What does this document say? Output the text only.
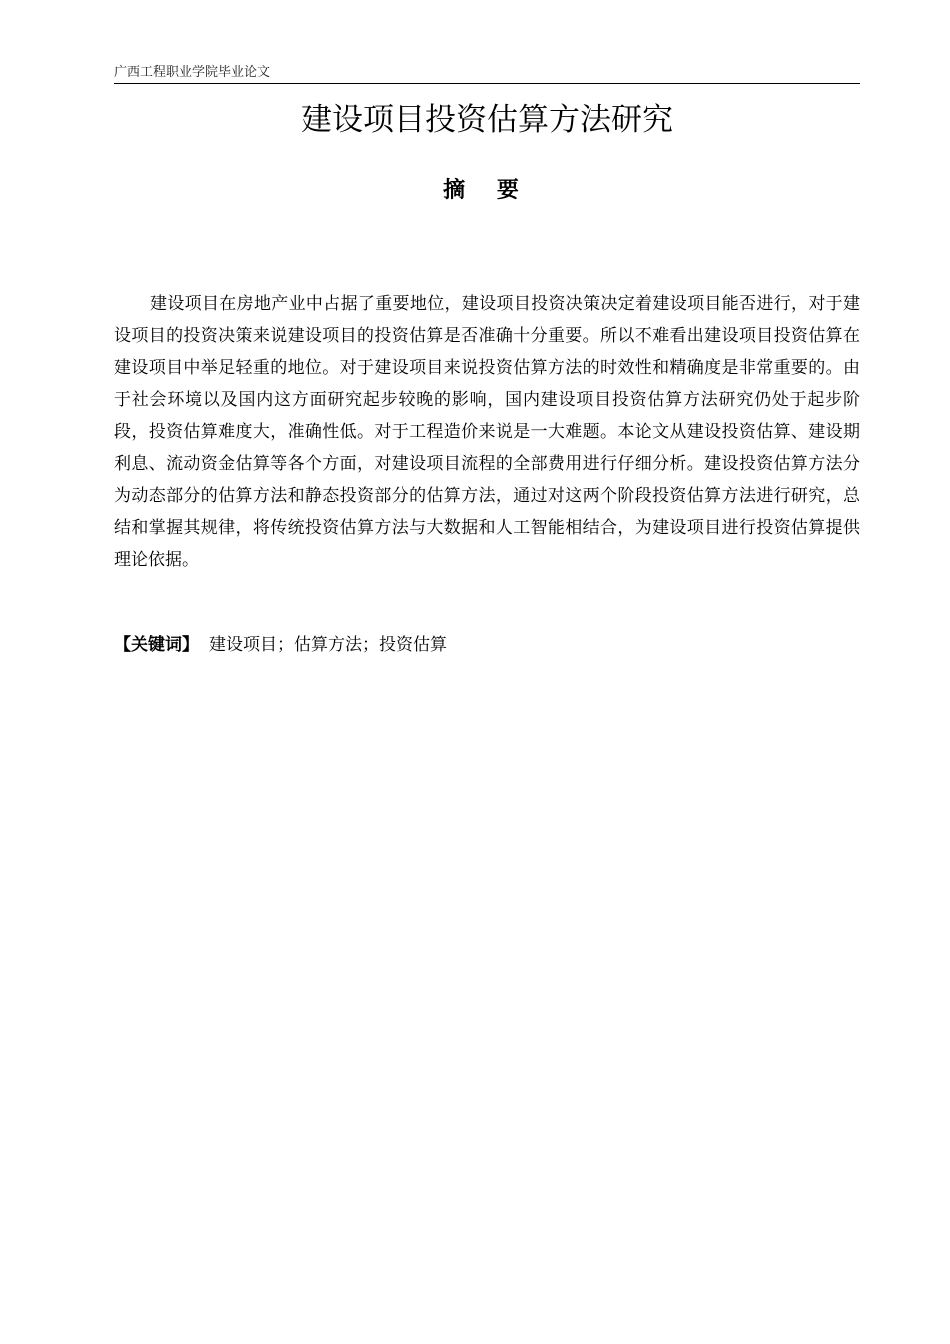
广西工程职业学院毕业论文
建设项目投资估算方法研究
摘 要

建设项目在房地产业中占据了重要地位，建设项目投资决策决定着建设项目能否进行，对于建设项目的投资决策来说建设项目的投资估算是否准确十分重要。所以不难看出建设项目投资估算在建设项目中举足轻重的地位。对于建设项目来说投资估算方法的时效性和精确度是非常重要的。由于社会环境以及国内这方面研究起步较晚的影响，国内建设项目投资估算方法研究仍处于起步阶段，投资估算难度大，准确性低。对于工程造价来说是一大难题。本论文从建设投资估算、建设期利息、流动资金估算等各个方面，对建设项目流程的全部费用进行仔细分析。建设投资估算方法分为动态部分的估算方法和静态投资部分的估算方法，通过对这两个阶段投资估算方法进行研究，总结和掌握其规律，将传统投资估算方法与大数据和人工智能相结合，为建设项目进行投资估算提供理论依据。

【关键词】 建设项目；估算方法；投资估算
